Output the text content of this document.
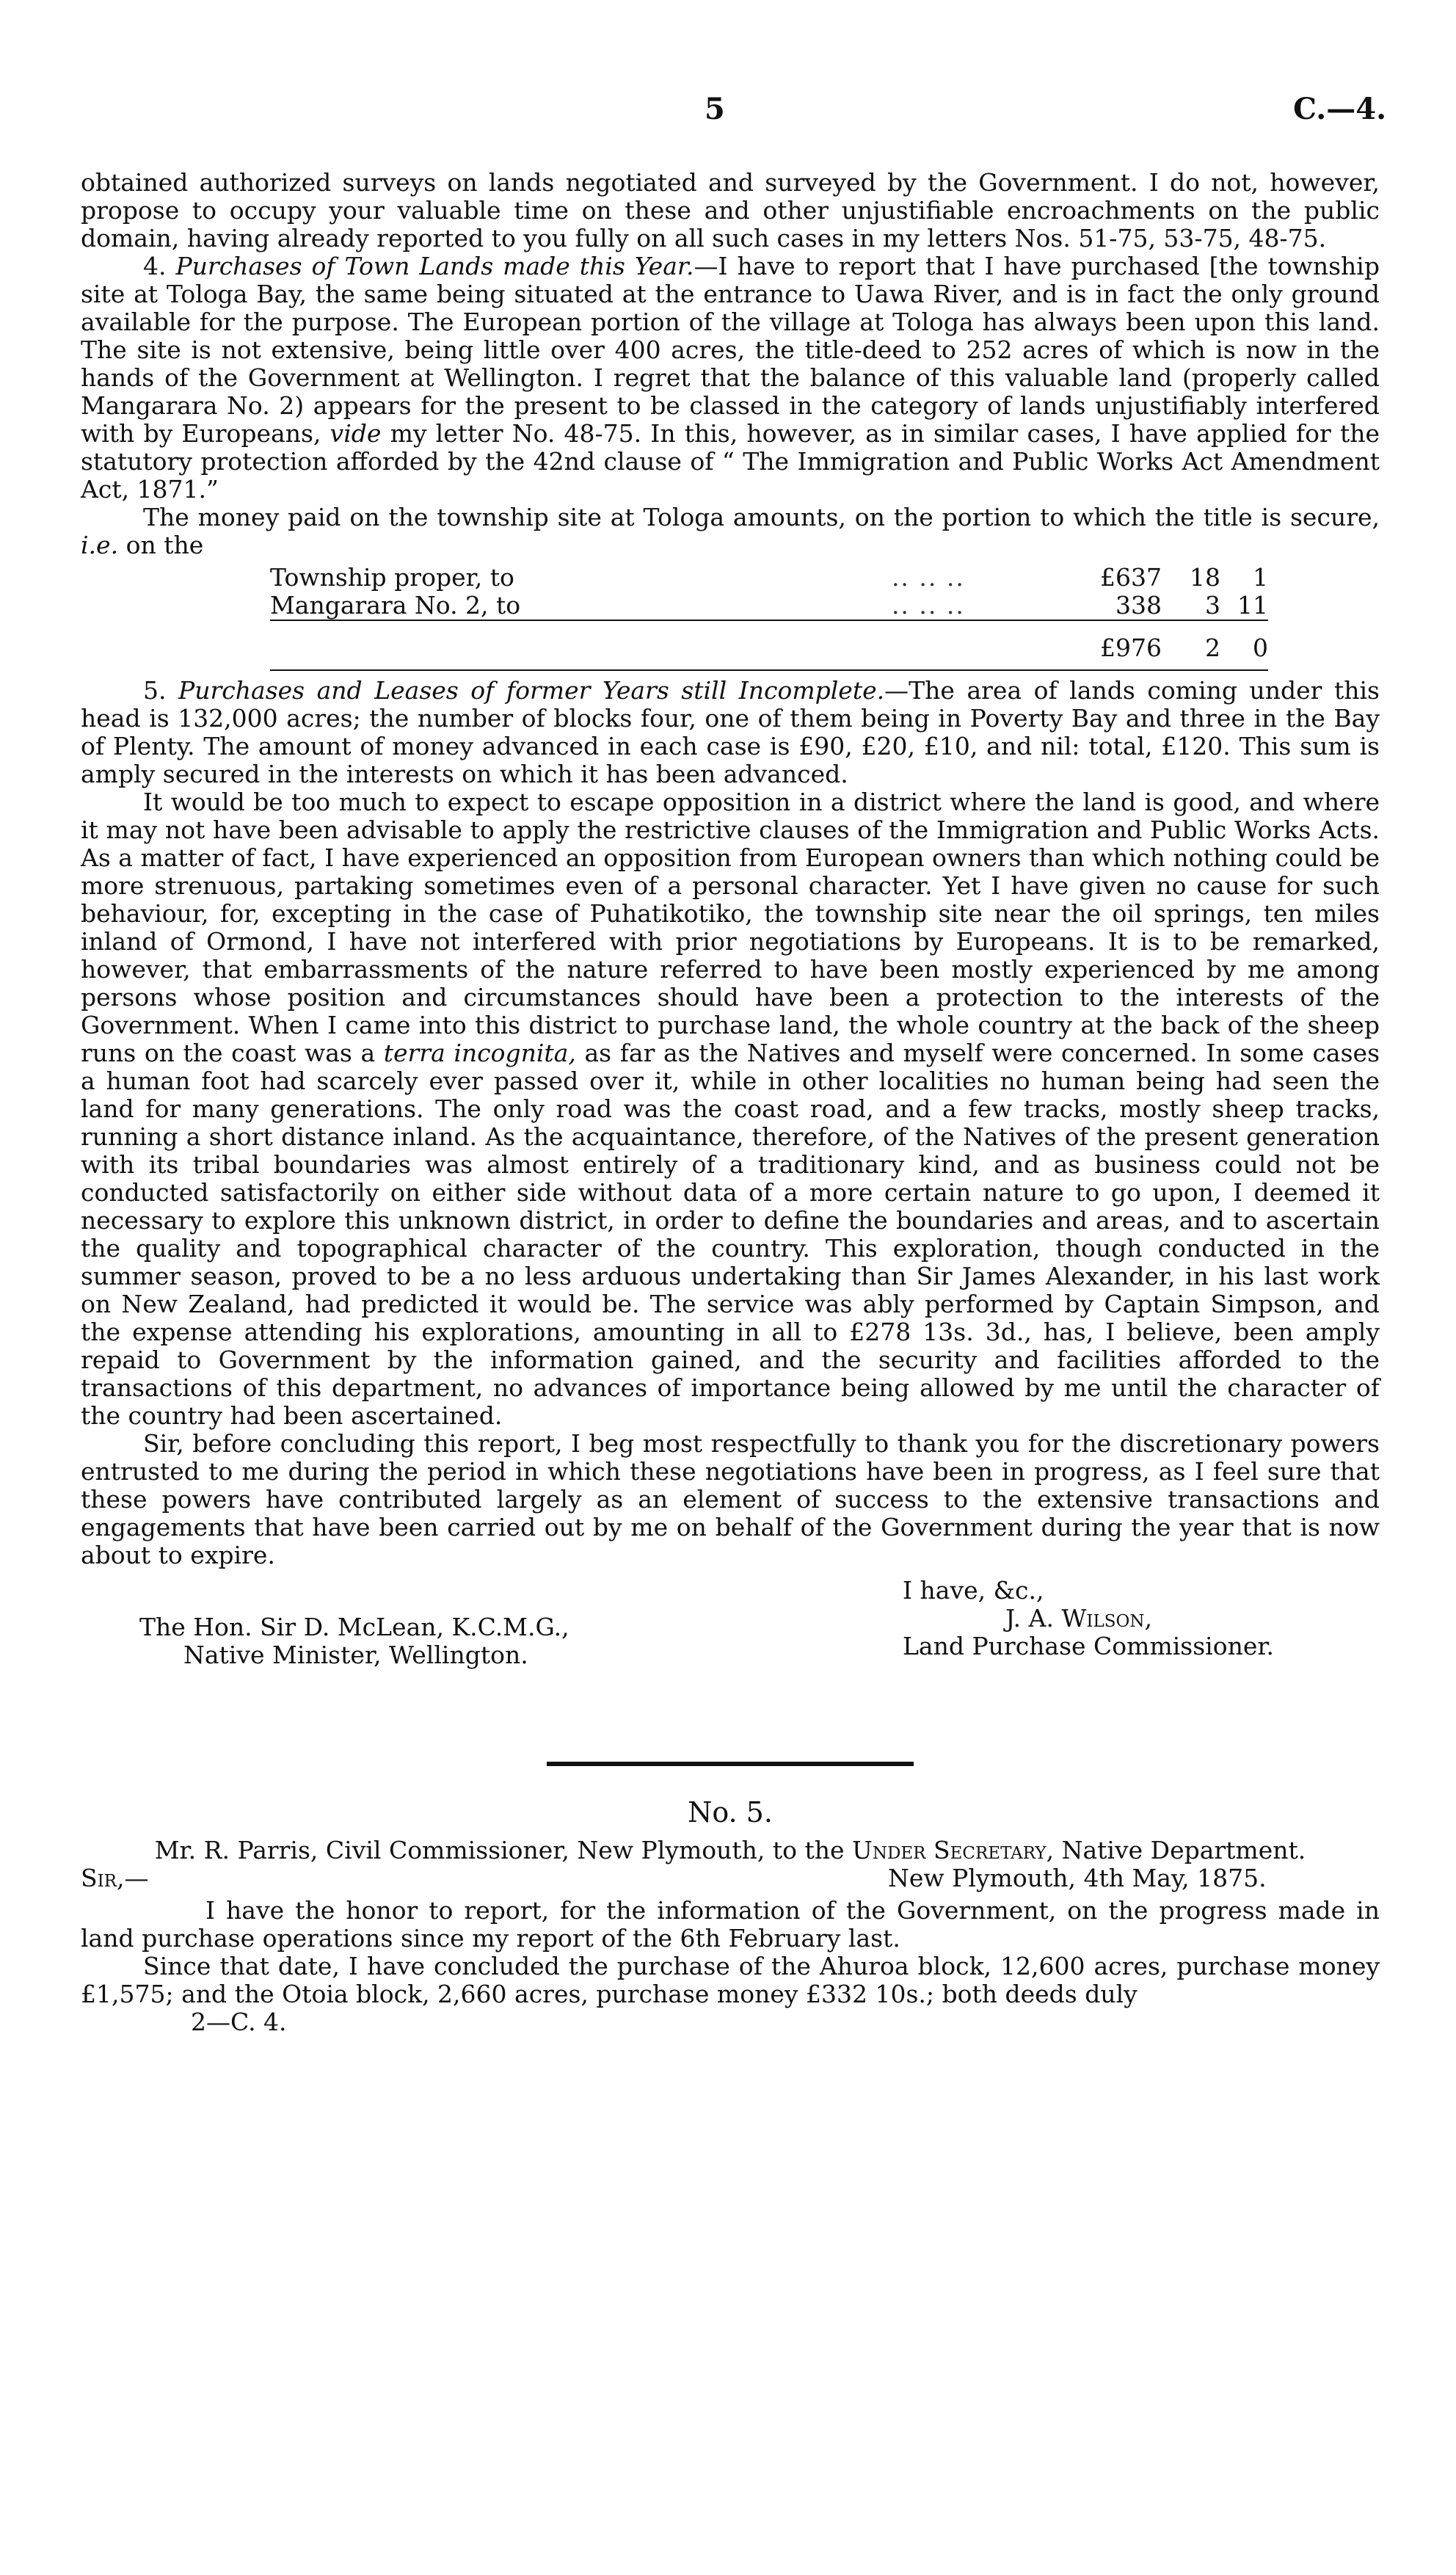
5	C.—4.

obtained authorized surveys on lands negotiated and surveyed by the Government. I do not, however, propose to occupy your valuable time on these and other unjustifiable encroachments on the public domain, having already reported to you fully on all such cases in my letters Nos. 51-75, 53-75, 48-75.

4. Purchases of Town Lands made this Year.—I have to report that I have purchased [the township site at Tologa Bay, the same being situated at the entrance to Uawa River, and is in fact the only ground available for the purpose. The European portion of the village at Tologa has always been upon this land. The site is not extensive, being little over 400 acres, the title-deed to 252 acres of which is now in the hands of the Government at Wellington. I regret that the balance of this valuable land (properly called Mangarara No. 2) appears for the present to be classed in the category of lands unjustifiably interfered with by Europeans, vide my letter No. 48-75. In this, however, as in similar cases, I have applied for the statutory protection afforded by the 42nd clause of “ The Immigration and Public Works Act Amendment Act, 1871.”

The money paid on the township site at Tologa amounts, on the portion to which the title is secure, i.e. on the

Township proper, to	.. .. ..	£637	18	1
Mangarara No. 2, to	.. .. ..	338	3	11

		£976	2	0

5. Purchases and Leases of former Years still Incomplete.—The area of lands coming under this head is 132,000 acres; the number of blocks four, one of them being in Poverty Bay and three in the Bay of Plenty. The amount of money advanced in each case is £90, £20, £10, and nil: total, £120. This sum is amply secured in the interests on which it has been advanced.

It would be too much to expect to escape opposition in a district where the land is good, and where it may not have been advisable to apply the restrictive clauses of the Immigration and Public Works Acts. As a matter of fact, I have experienced an opposition from European owners than which nothing could be more strenuous, partaking sometimes even of a personal character. Yet I have given no cause for such behaviour, for, excepting in the case of Puhatikotiko, the township site near the oil springs, ten miles inland of Ormond, I have not interfered with prior negotiations by Europeans. It is to be remarked, however, that embarrassments of the nature referred to have been mostly experienced by me among persons whose position and circumstances should have been a protection to the interests of the Government. When I came into this district to purchase land, the whole country at the back of the sheep runs on the coast was a terra incognita, as far as the Natives and myself were concerned. In some cases a human foot had scarcely ever passed over it, while in other localities no human being had seen the land for many generations. The only road was the coast road, and a few tracks, mostly sheep tracks, running a short distance inland. As the acquaintance, therefore, of the Natives of the present generation with its tribal boundaries was almost entirely of a traditionary kind, and as business could not be conducted satisfactorily on either side without data of a more certain nature to go upon, I deemed it necessary to explore this unknown district, in order to define the boundaries and areas, and to ascertain the quality and topographical character of the country. This exploration, though conducted in the summer season, proved to be a no less arduous undertaking than Sir James Alexander, in his last work on New Zealand, had predicted it would be. The service was ably performed by Captain Simpson, and the expense attending his explorations, amounting in all to £278 13s. 3d., has, I believe, been amply repaid to Government by the information gained, and the security and facilities afforded to the transactions of this department, no advances of importance being allowed by me until the character of the country had been ascertained.

Sir, before concluding this report, I beg most respectfully to thank you for the discretionary powers entrusted to me during the period in which these negotiations have been in progress, as I feel sure that these powers have contributed largely as an element of success to the extensive transactions and engagements that have been carried out by me on behalf of the Government during the year that is now about to expire.

I have, &c.,
J. A. Wilson,
Land Purchase Commissioner.
The Hon. Sir D. McLean, K.C.M.G.,
Native Minister, Wellington.
No. 5.
Mr. R. Parris, Civil Commissioner, New Plymouth, to the Under Secretary, Native Department.
Sir,—	New Plymouth, 4th May, 1875.

I have the honor to report, for the information of the Government, on the progress made in land purchase operations since my report of the 6th February last.

Since that date, I have concluded the purchase of the Ahuroa block, 12,600 acres, purchase money £1,575; and the Otoia block, 2,660 acres, purchase money £332 10s.; both deeds duly

2—C. 4.
